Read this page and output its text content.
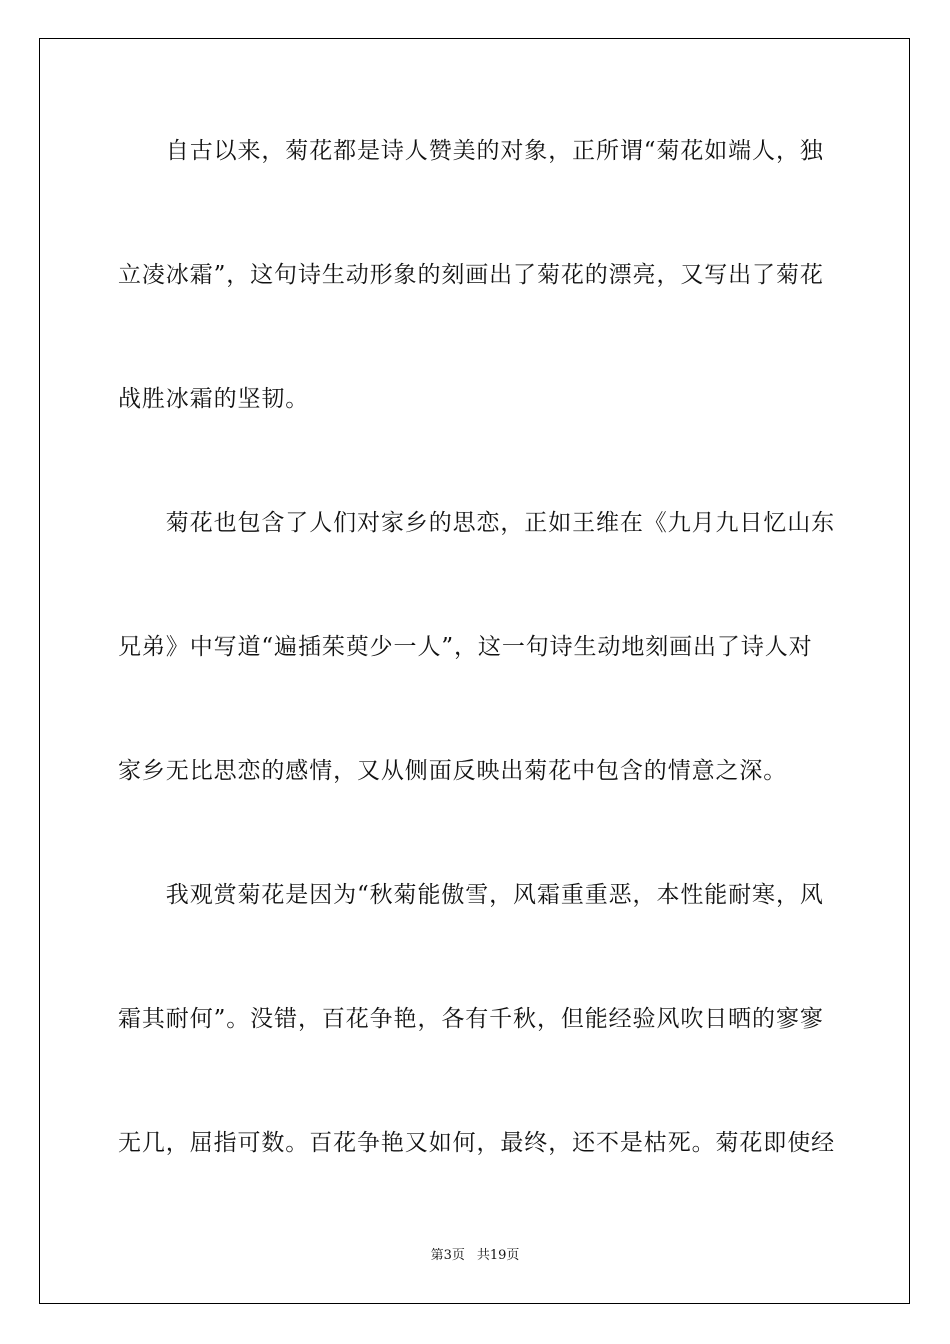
　　自古以来，菊花都是诗人赞美的对象，正所谓“菊花如端人，独
立凌冰霜”，这句诗生动形象的刻画出了菊花的漂亮，又写出了菊花
战胜冰霜的坚韧。
　　菊花也包含了人们对家乡的思恋，正如王维在《九月九日忆山东
兄弟》中写道“遍插茱萸少一人”，这一句诗生动地刻画出了诗人对
家乡无比思恋的感情，又从侧面反映出菊花中包含的情意之深。
　　我观赏菊花是因为“秋菊能傲雪，风霜重重恶，本性能耐寒，风
霜其耐何”。没错，百花争艳，各有千秋，但能经验风吹日晒的寥寥
无几，屈指可数。百花争艳又如何，最终，还不是枯死。菊花即使经
第3页 共19页
